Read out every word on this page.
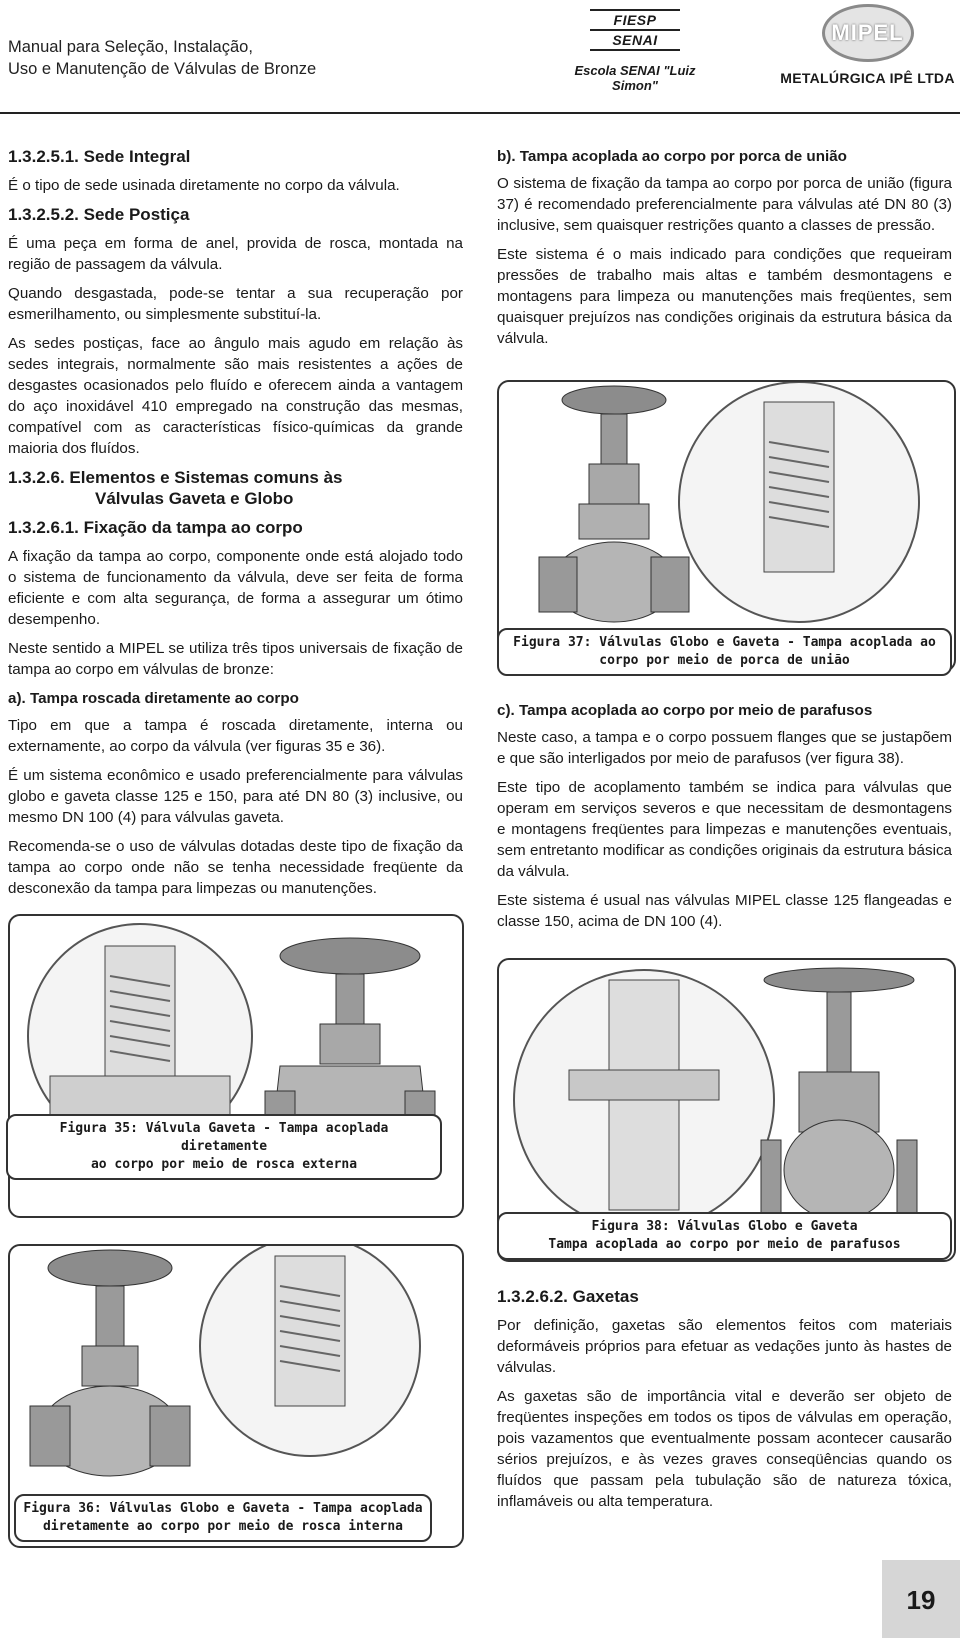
Manual para Seleção, Instalação,
Uso e Manutenção de Válvulas de Bronze
FIESP
SENAI
Escola SENAI "Luiz Simon"
MIPEL
METALÚRGICA IPÊ LTDA
1.3.2.5.1. Sede Integral

É o tipo de sede usinada diretamente no corpo da válvula.

1.3.2.5.2. Sede Postiça

É uma peça em forma de anel, provida de rosca, montada na região de passagem da válvula.

Quando desgastada, pode-se tentar a sua recuperação por esmerilhamento, ou simplesmente substituí-la.

As sedes postiças, face ao ângulo mais agudo em relação às sedes integrais, normalmente são mais resistentes a ações de desgastes ocasionados pelo fluído e oferecem ainda a vantagem do aço inoxidável 410 empregado na construção das mesmas, compatível com as características físico-químicas da grande maioria dos fluídos.

1.3.2.6. Elementos e Sistemas comuns às
Válvulas Gaveta e Globo
1.3.2.6.1. Fixação da tampa ao corpo

A fixação da tampa ao corpo, componente onde está alojado todo o sistema de funcionamento da válvula, deve ser feita de forma eficiente e com alta segurança, de forma a assegurar um ótimo desempenho.

Neste sentido a MIPEL se utiliza três tipos universais de fixação de tampa ao corpo em válvulas de bronze:

a). Tampa roscada diretamente ao corpo

Tipo em que a tampa é roscada diretamente, interna ou externamente, ao corpo da válvula (ver figuras 35 e 36).

É um sistema econômico e usado preferencialmente para válvulas globo e gaveta classe 125 e 150, para até DN 80 (3) inclusive, ou mesmo DN 100 (4) para válvulas gaveta.

Recomenda-se o uso de válvulas dotadas deste tipo de fixação da tampa ao corpo onde não se tenha necessidade freqüente da desconexão da tampa para limpezas ou manutenções.

Figura 35: Válvula Gaveta - Tampa acoplada diretamente
ao corpo por meio de rosca externa
Figura 36: Válvulas Globo e Gaveta - Tampa acoplada
diretamente ao corpo por meio de rosca interna
b). Tampa acoplada ao corpo por porca de união

O sistema de fixação da tampa ao corpo por porca de união (figura 37) é recomendado preferencialmente para válvulas até DN 80 (3) inclusive, sem quaisquer restrições quanto a classes de pressão.

Este sistema é o mais indicado para condições que requeiram pressões de trabalho mais altas e também desmontagens e montagens para limpeza ou manutenções mais freqüentes, sem quaisquer prejuízos nas condições originais da estrutura básica da válvula.

Figura 37: Válvulas Globo e Gaveta - Tampa acoplada ao
corpo por meio de porca de união
c). Tampa acoplada ao corpo por meio de parafusos

Neste caso, a tampa e o corpo possuem flanges que se justapõem e que são interligados por meio de parafusos (ver figura 38).

Este tipo de acoplamento também se indica para válvulas que operam em serviços severos e que necessitam de desmontagens e montagens freqüentes para limpezas e manutenções eventuais, sem entretanto modificar as condições originais da estrutura básica da válvula.

Este sistema é usual nas válvulas MIPEL classe 125 flangeadas e classe 150, acima de DN 100 (4).

Figura 38: Válvulas Globo e Gaveta
Tampa acoplada ao corpo por meio de parafusos
1.3.2.6.2. Gaxetas

Por definição, gaxetas são elementos feitos com materiais deformáveis próprios para efetuar as vedações junto às hastes de válvulas.

As gaxetas são de importância vital e deverão ser objeto de freqüentes inspeções em todos os tipos de válvulas em operação, pois vazamentos que eventualmente possam acontecer causarão sérios prejuízos, e às vezes graves conseqüências quando os fluídos que passam pela tubulação são de natureza tóxica, inflamáveis ou alta temperatura.

19
